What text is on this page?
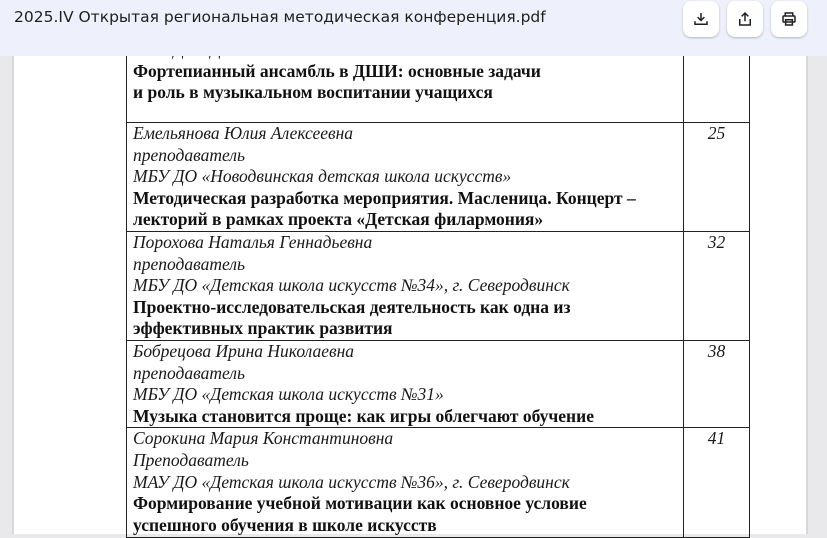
2025.IV Открытая региональная методическая конференция.pdf
Фортепианный ансамбль в ДШИ: основные задачи
и роль в музыкальном воспитании учащихся	

Емельянова Юлия Алексеевна
преподаватель
МБУ ДО «Новодвинская детская школа искусств»
Методическая разработка мероприятия. Масленица. Концерт –
лекторий в рамках проекта «Детская филармония»	25

Порохова Наталья Геннадьевна
преподаватель
МБУ ДО «Детская школа искусств №34», г. Северодвинск
Проектно-исследовательская деятельность как одна из
эффективных практик развития	32

Бобрецова Ирина Николаевна
преподаватель
МБУ ДО «Детская школа искусств №31»
Музыка становится проще: как игры облегчают обучение	38

Сорокина Мария Константиновна
Преподаватель
МАУ ДО «Детская школа искусств №36», г. Северодвинск
Формирование учебной мотивации как основное условие
успешного обучения в школе искусств	41
